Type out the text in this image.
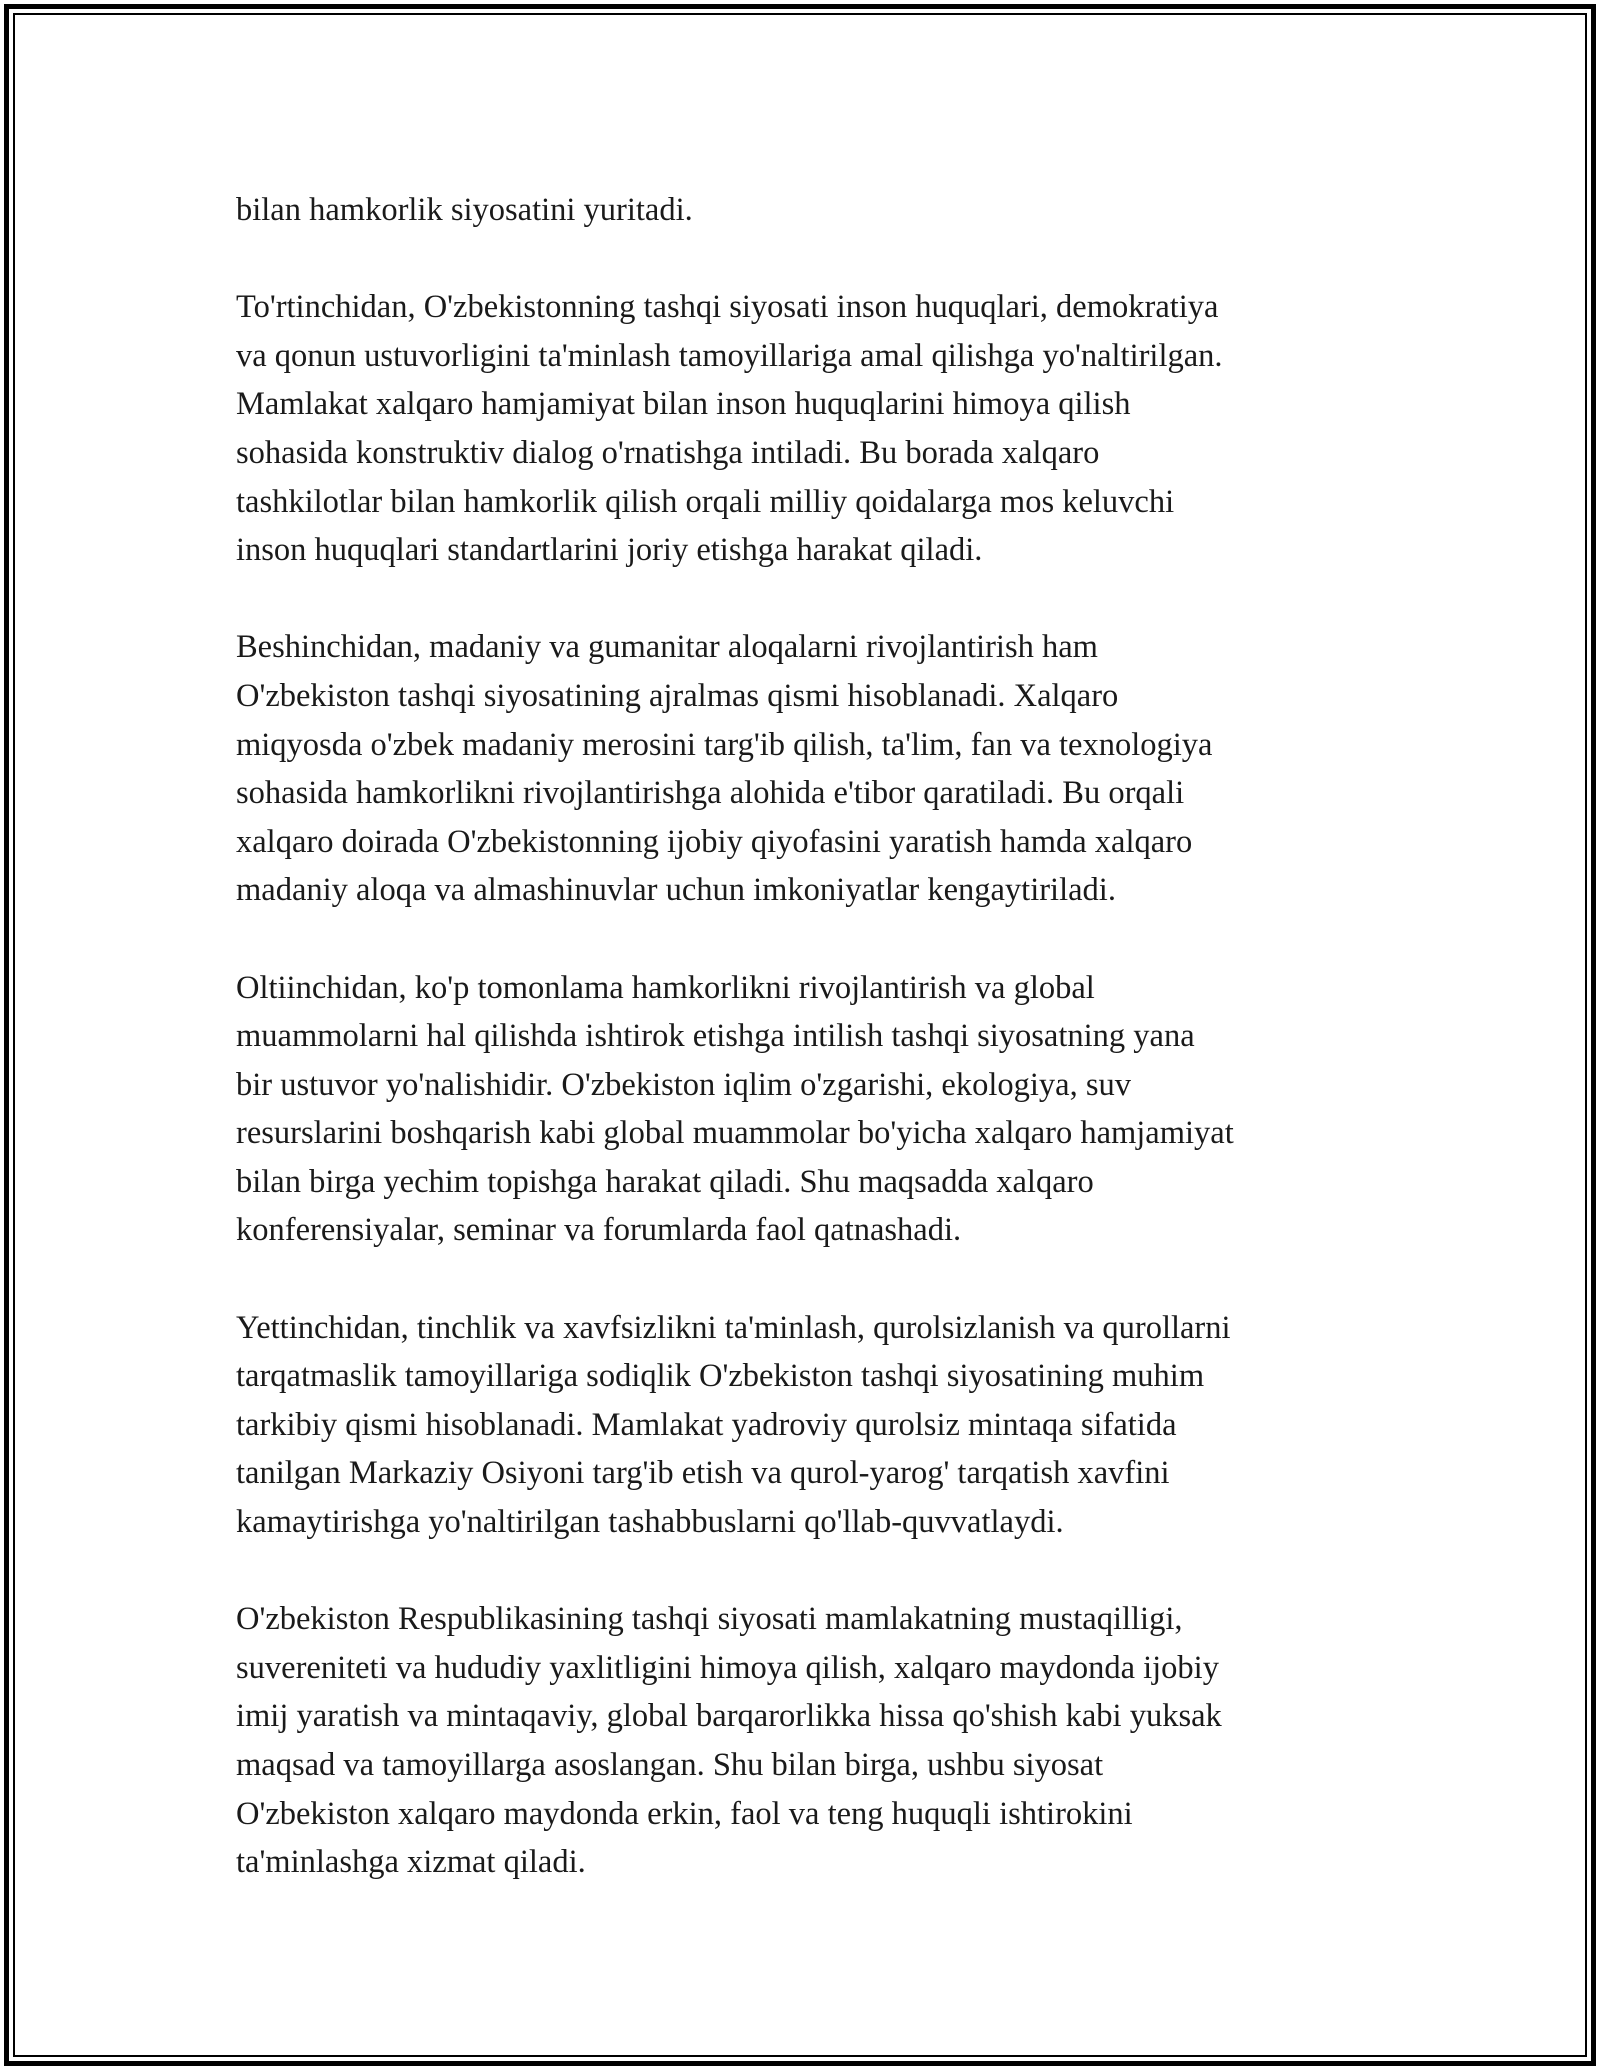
bilan hamkorlik siyosatini yuritadi.

To'rtinchidan, O'zbekistonning tashqi siyosati inson huquqlari, demokratiya
va qonun ustuvorligini ta'minlash tamoyillariga amal qilishga yo'naltirilgan.
Mamlakat xalqaro hamjamiyat bilan inson huquqlarini himoya qilish
sohasida konstruktiv dialog o'rnatishga intiladi. Bu borada xalqaro
tashkilotlar bilan hamkorlik qilish orqali milliy qoidalarga mos keluvchi
inson huquqlari standartlarini joriy etishga harakat qiladi.

Beshinchidan, madaniy va gumanitar aloqalarni rivojlantirish ham
O'zbekiston tashqi siyosatining ajralmas qismi hisoblanadi. Xalqaro
miqyosda o'zbek madaniy merosini targ'ib qilish, ta'lim, fan va texnologiya
sohasida hamkorlikni rivojlantirishga alohida e'tibor qaratiladi. Bu orqali
xalqaro doirada O'zbekistonning ijobiy qiyofasini yaratish hamda xalqaro
madaniy aloqa va almashinuvlar uchun imkoniyatlar kengaytiriladi.

Oltiinchidan, ko'p tomonlama hamkorlikni rivojlantirish va global
muammolarni hal qilishda ishtirok etishga intilish tashqi siyosatning yana
bir ustuvor yo'nalishidir. O'zbekiston iqlim o'zgarishi, ekologiya, suv
resurslarini boshqarish kabi global muammolar bo'yicha xalqaro hamjamiyat
bilan birga yechim topishga harakat qiladi. Shu maqsadda xalqaro
konferensiyalar, seminar va forumlarda faol qatnashadi.

Yettinchidan, tinchlik va xavfsizlikni ta'minlash, qurolsizlanish va qurollarni
tarqatmaslik tamoyillariga sodiqlik O'zbekiston tashqi siyosatining muhim
tarkibiy qismi hisoblanadi. Mamlakat yadroviy qurolsiz mintaqa sifatida
tanilgan Markaziy Osiyoni targ'ib etish va qurol-yarog' tarqatish xavfini
kamaytirishga yo'naltirilgan tashabbuslarni qo'llab-quvvatlaydi.

O'zbekiston Respublikasining tashqi siyosati mamlakatning mustaqilligi,
suvereniteti va hududiy yaxlitligini himoya qilish, xalqaro maydonda ijobiy
imij yaratish va mintaqaviy, global barqarorlikka hissa qo'shish kabi yuksak
maqsad va tamoyillarga asoslangan. Shu bilan birga, ushbu siyosat
O'zbekiston xalqaro maydonda erkin, faol va teng huquqli ishtirokini
ta'minlashga xizmat qiladi.
